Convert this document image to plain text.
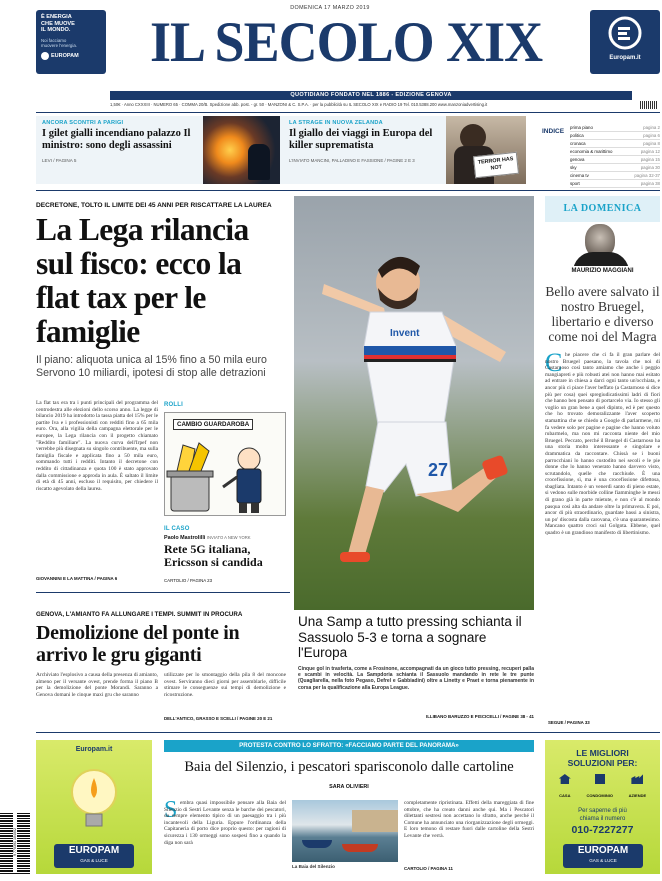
È ENERGIA
CHE MUOVE
IL MONDO.
Noi facciamo
muovere l'energia.
EUROPAM
DOMENICA 17 MARZO 2019
IL SECOLO XIX	Europam.it
QUOTIDIANO FONDATO NEL 1886 - EDIZIONE GENOVA
1,50€ · Anno CXXXIII · NUMERO 65 · COMMA 20/B. Spedizione abb. post. - gr. 50 · MANZONI & C. S.P.A. · per la pubblicità su IL SECOLO XIX e RADIO 19 Tel. 010.5388.200 www.manzoniadvertising.it
ANCORA SCONTRI A PARIGI
I gilet gialli incendiano palazzo Il ministro: sono degli assassini
LEVI / PAGINA 5
LA STRAGE IN NUOVA ZELANDA
Il giallo dei viaggi in Europa del killer suprematista
L'INVIATO MANCINI, PALLADINO E FASSIONE / PAGINE 2 E 3	TERROR HAS NOT
INDICE
prima piano	pagina 2
politica	pagina 6
cronaca	pagina 8
economia & marittimo	pagina 12
genova	pagina 15
sky	pagina 30
cinema tv	pagina 32-37
sport	pagina 38
DECRETONE, TOLTO IL LIMITE DEI 45 ANNI PER RISCATTARE LA LAUREA
La Lega rilancia sul fisco: ecco la flat tax per le famiglie
Il piano: aliquota unica al 15% fino a 50 mila euro Servono 10 miliardi, ipotesi di stop alle detrazioni
La flat tax era tra i punti principali del programma del centrodestra alle elezioni dello scorso anno. La legge di bilancio 2019 ha introdotto la tassa piatta del 15% per le partite Iva e i professionisti con redditi fino a 65 mila euro. Ora, alla vigilia della campagna elettorale per le europee, la Lega rilancia con il progetto chiamato "Reddito familiare". La nuova curva dell'Irpef non verrebbe più disegnata su singolo contribuente, ma sulla famiglia fiscale e applicata fino a 50 mila euro, sommando tutti i redditi. Intanto il decretone con reddito di cittadinanza e quota 100 è stato approvato dalla commissione e approda in aula. È saltato il limite di età di 45 anni, escluso il requisito, per chiedere il riscatto agevolato della laurea.
GIOVANNINI E LA MATTINA / PAGINA 6
ROLLI
CAMBIO GUARDAROBA
IL CASO
Paolo Mastrolilli INVIATO A NEW YORK
Rete 5G italiana, Ericsson si candida
CARTOLIO / PAGINA 23
Invent
27
Una Samp a tutto pressing schianta il Sassuolo 5-3 e torna a sognare l'Europa
Cinque gol in trasferta, come a Frosinone, accompagnati da un gioco tutto pressing, recuperi palla e scambi in velocità. La Sampdoria schianta il Sassuolo mandando in rete le tre punte (Quagliarella, nella foto Pegaso, Defrel e Gabbiadini) oltre a Linetty e Praet e torna pienamente in corsa per la qualificazione alla Europa League.
ILLIBANO BARUZZO E PISCICELLI / PAGINE 38 - 41
LA DOMENICA
MAURIZIO MAGGIANI
Bello avere salvato il nostro Bruegel, libertario e diverso come noi del Magra
C he piacere che ci fa il gran parlare del nostro Bruegel paesano, la tavola che noi di Castarnoso così tanto amiamo che anche i peggio mangiapreti e più robusti atei non hanno mai esitato ad entrare in chiesa a darci ogni tanto un'occhiata, e ancor più ci piace l'aver beffato (a Castarnoso si dice più per cosa) quei spregiudicatissimi ladri di fiori che hanno ben pensato di portarcelo via. Io stesso gli voglio un gran bene a quel dipinto, ed è per questo che ho trovato demoralizzante l'aver scoperto stamattina che se chiedo a Google di parlarmene, mi fa vedere solo per pagine e pagine che hanno voluto rubarmelo, ma non mi racconta niente del mio Bruegel. Peccato, perché il Bruegel di Castarnoso ha una storia molto interessante e singolare e drammatica da raccontare. Chissà se i buoni parrocchiani lo hanno custodito nei secoli e le pie donne che lo hanno venerato hanno davvero visto, scrutandolo, quelle che racchiude. È una crocefissione, sì, ma è una crocefissione difettosa, sbagliata. Intanto è un venerdì santo di pieno estate, si vedono sulle morbide colline fiamminghe le messi di grano già in parte mietute, e non c'è al mondo pasqua così alta da andare oltre la primavera. E poi, ancor di più straordinario, guardate bassi a sinistra, un po' discosta dalla carovana, c'è una quarantesimo. Mancano quattro croci sul Golgota. Ebbene, quel quadro è un grandioso manifesto di libertinismo.
SEGUE / PAGINA 33
GENOVA, L'AMIANTO FA ALLUNGARE I TEMPI. SUMMIT IN PROCURA
Demolizione del ponte in arrivo le gru giganti
Archiviato l'esplosivo a causa della presenza di amianto, almeno per il versante ovest, prende forma il piano B per la demolizione del ponte Morandi. Saranno a Genova domani le cinque maxi gru che saranno
utilizzate per lo smontaggio della pila 8 del moncone ovest. Serviranno dieci giorni per assemblarle, difficile stimare le conseguenze sui tempi di demolizione e ricostruzione.
DELL'ANTICO, GRASSO E SCELLI / PAGINE 20 E 21
Europam.it
EUROPAM
GAS & LUCE
9 770391 104002
PROTESTA CONTRO LO SFRATTO: «FACCIAMO PARTE DEL PANORAMA»
Baia del Silenzio, i pescatori sparisconolo dalle cartoline
SARA OLIVIERI
S embra quasi impossibile pensare alla Baia del Silenzio di Sestri Levante senza le barche dei pescatori, da sempre elemento tipico di un paesaggio tra i più incantevoli della Liguria. Eppure l'ordinanza della Capitaneria di porto dice proprio questo: per ragioni di sicurezza i 130 ormeggi sono sospesi fino a quando la diga non sarà
La Baia del Silenzio
completamente ripristinata. Effetti della mareggiata di fine ottobre, che ha creato danni anche qui. Ma i Pescatori dilettanti sestresi non accettano lo sfratto, anche perché il Comune ha annunciato una riorganizzazione degli ormeggi. E loro temono di restare fuori dalle cartoline della Sestri Levante che verrà.
CARTOLIO / PAGINA 11
LE MIGLIORI
SOLUZIONI PER:
CASA	CONDOMINIO	AZIENDE
Per saperne di più
chiama il numero
010-7227277
EUROPAM
GAS & LUCE
